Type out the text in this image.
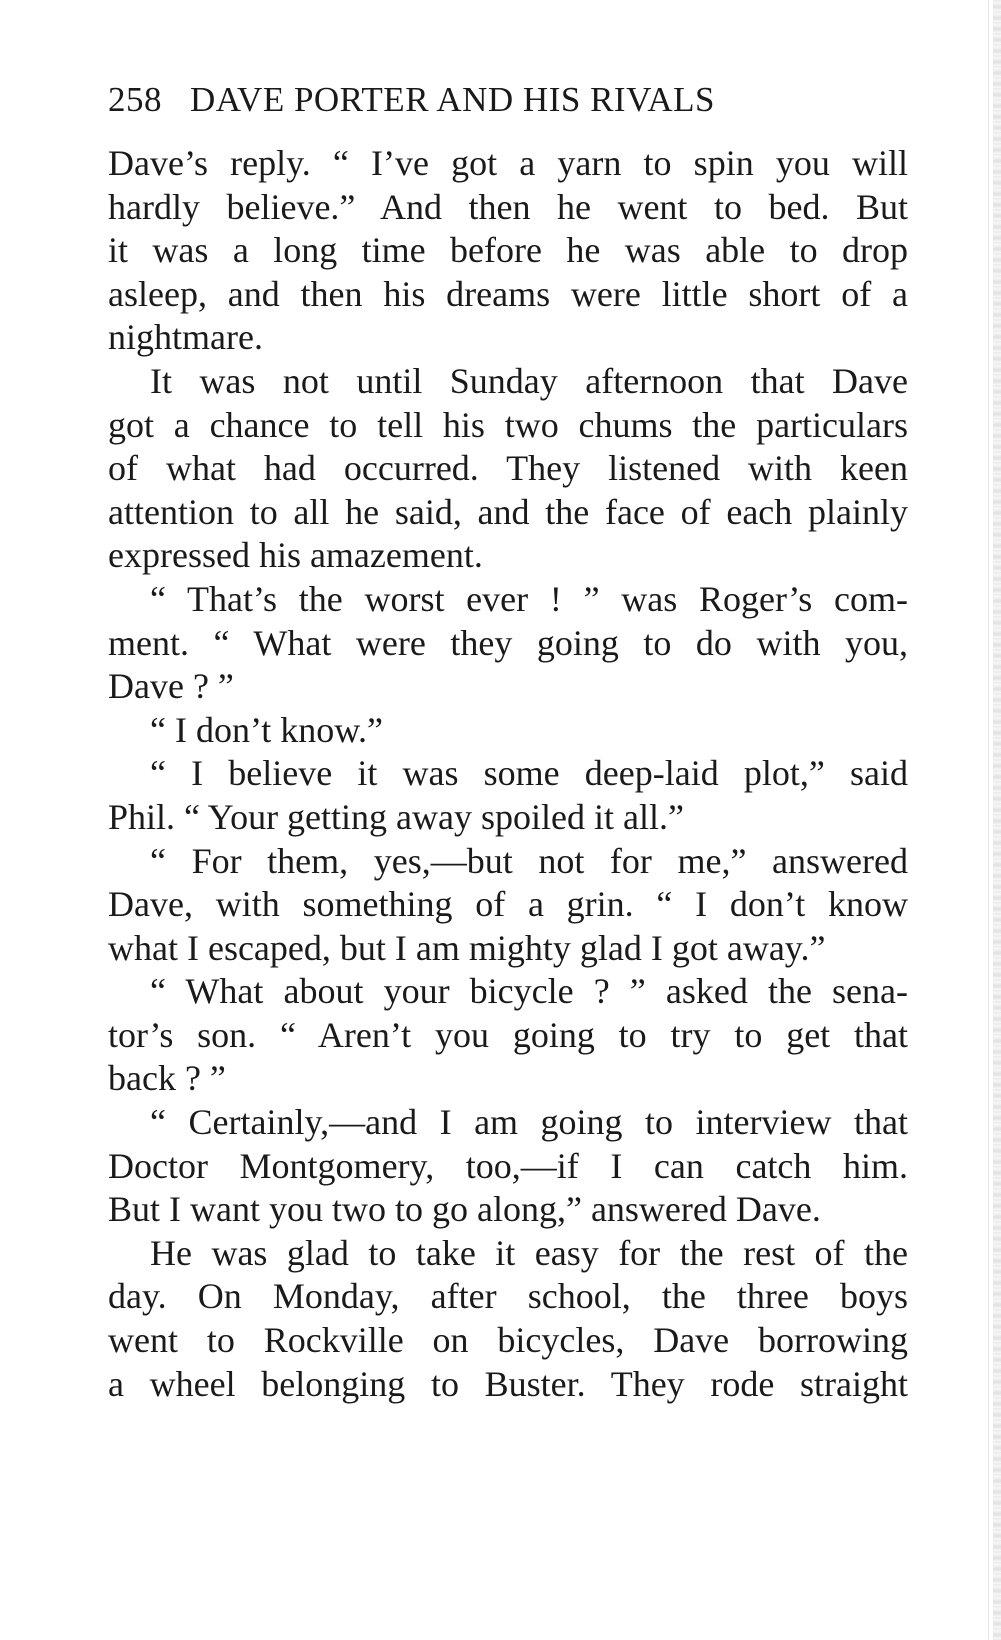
258 DAVE PORTER AND HIS RIVALS
Dave’s reply. “ I’ve got a yarn to spin you will
hardly believe.” And then he went to bed. But
it was a long time before he was able to drop
asleep, and then his dreams were little short of a
nightmare.
It was not until Sunday afternoon that Dave
got a chance to tell his two chums the particulars
of what had occurred. They listened with keen
attention to all he said, and the face of each plainly
expressed his amazement.
“ That’s the worst ever ! ” was Roger’s com-
ment. “ What were they going to do with you,
Dave ? ”
“ I don’t know.”
“ I believe it was some deep-laid plot,” said
Phil. “ Your getting away spoiled it all.”
“ For them, yes,—but not for me,” answered
Dave, with something of a grin. “ I don’t know
what I escaped, but I am mighty glad I got away.”
“ What about your bicycle ? ” asked the sena-
tor’s son. “ Aren’t you going to try to get that
back ? ”
“ Certainly,—and I am going to interview that
Doctor Montgomery, too,—if I can catch him.
But I want you two to go along,” answered Dave.
He was glad to take it easy for the rest of the
day. On Monday, after school, the three boys
went to Rockville on bicycles, Dave borrowing
a wheel belonging to Buster. They rode straight
